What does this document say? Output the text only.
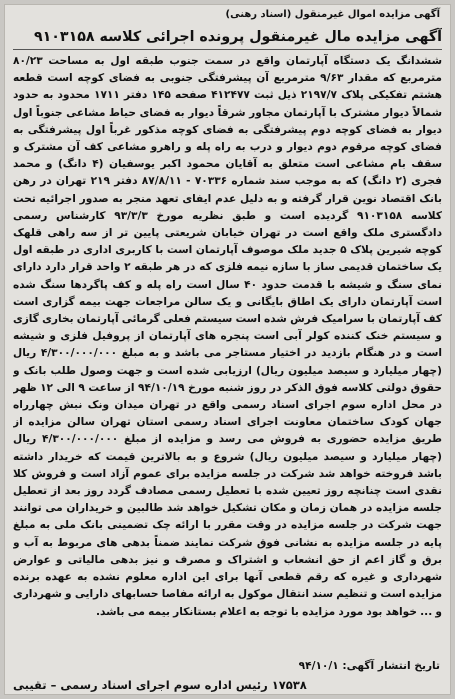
آگهی مزایده اموال غیرمنقول (اسناد رهنی)
آگهی مزایده مال غیرمنقول پرونده اجرائی کلاسه ۹۱۰۳۱۵۸
ششدانگ یک دستگاه آپارتمان واقع در سمت جنوب طبقه اول به مساحت ۸۰/۲۳ مترمربع که مقدار ۹/۶۳ مترمربع آن پیشرفتگی جنوبی به فضای کوچه است قطعه هشتم تفکیکی پلاک ۲۱۹۷/۷ ذیل ثبت ۴۱۲۴۷۷ صفحه ۱۴۵ دفتر ۱۷۱۱ محدود به حدود شمالاً دیوار مشترک با آپارتمان مجاور شرقاً دیوار به فضای حیاط مشاعی جنوباً اول دیوار به فضای کوچه دوم پیشرفتگی به فضای کوچه مذکور غرباً اول پیشرفتگی به فضای کوچه مرقوم دوم دیوار و درب به راه پله و راهرو مشاعی کف آن مشترک و سقف بام مشاعی است متعلق به آقایان محمود اکبر یوسفیان (۴ دانگ) و محمد فجری (۲ دانگ) که به موجب سند شماره ۷۰۳۳۶ - ۸۷/۸/۱۱ دفتر ۲۱۹ تهران در رهن بانک اقتصاد نوین قرار گرفته و به دلیل عدم ایفای تعهد منجر به صدور اجرائیه تحت کلاسه ۹۱۰۳۱۵۸ گردیده است و طبق نظریه مورخ ۹۳/۳/۳ کارشناس رسمی دادگستری ملک واقع است در تهران خیابان شریعتی پایین تر از سه راهی قلهک کوچه شیرین پلاک ۵ جدید ملک موصوف آپارتمان است با کاربری اداری در طبقه اول یک ساختمان قدیمی ساز با سازه نیمه فلزی که در هر طبقه ۲ واحد قرار دارد دارای نمای سنگ و شیشه با قدمت حدود ۴۰ سال است راه پله و کف پاگردها سنگ شده است آپارتمان دارای یک اطاق بایگانی و یک سالن مراجعات جهت بیمه گزاری است کف آپارتمان با سرامیک فرش شده است سیستم فعلی گرمائی آپارتمان بخاری گازی و سیستم خنک کننده کولر آبی است پنجره های آپارتمان از پروفیل فلزی و شیشه است و در هنگام بازدید در اختیار مستاجر می باشد و به مبلغ ۴/۳۰۰/۰۰۰/۰۰۰ ریال (چهار میلیارد و سیصد میلیون ریال) ارزیابی شده است و جهت وصول طلب بانک و حقوق دولتی کلاسه فوق الذکر در روز شنبه مورخ ۹۴/۱۰/۱۹ از ساعت ۹ الی ۱۲ ظهر در محل اداره سوم اجرای اسناد رسمی واقع در تهران میدان ونک نبش چهارراه جهان کودک ساختمان معاونت اجرای اسناد رسمی استان تهران سالن مزایده از طریق مزایده حضوری به فروش می رسد و مزایده از مبلغ ۴/۳۰۰/۰۰۰/۰۰۰ ریال (چهار میلیارد و سیصد میلیون ریال) شروع و به بالاترین قیمت که خریدار داشته باشد فروخته خواهد شد شرکت در جلسه مزایده برای عموم آزاد است و فروش کلا نقدی است چنانچه روز تعیین شده با تعطیل رسمی مصادف گردد روز بعد از تعطیل جلسه مزایده در همان زمان و مکان تشکیل خواهد شد طالبین و خریداران می توانند جهت شرکت در جلسه مزایده در وقت مقرر با ارائه چک تضمینی بانک ملی به مبلغ پایه در جلسه مزایده به نشانی فوق شرکت نمایند ضمناً بدهی های مربوط به آب و برق و گاز اعم از حق انشعاب و اشتراک و مصرف و نیز بدهی مالیاتی و عوارض شهرداری و غیره که رقم قطعی آنها برای این اداره معلوم نشده به عهده برنده مزایده است و تنظیم سند انتقال موکول به ارائه مفاصا حسابهای دارایی و شهرداری و ... خواهد بود مورد مزایده با توجه به اعلام بستانکار بیمه می باشد.
تاریخ انتشار آگهی: ۹۴/۱۰/۱
۱۷۵۳۸ رئیس اداره سوم اجرای اسناد رسمی – تقیبی
